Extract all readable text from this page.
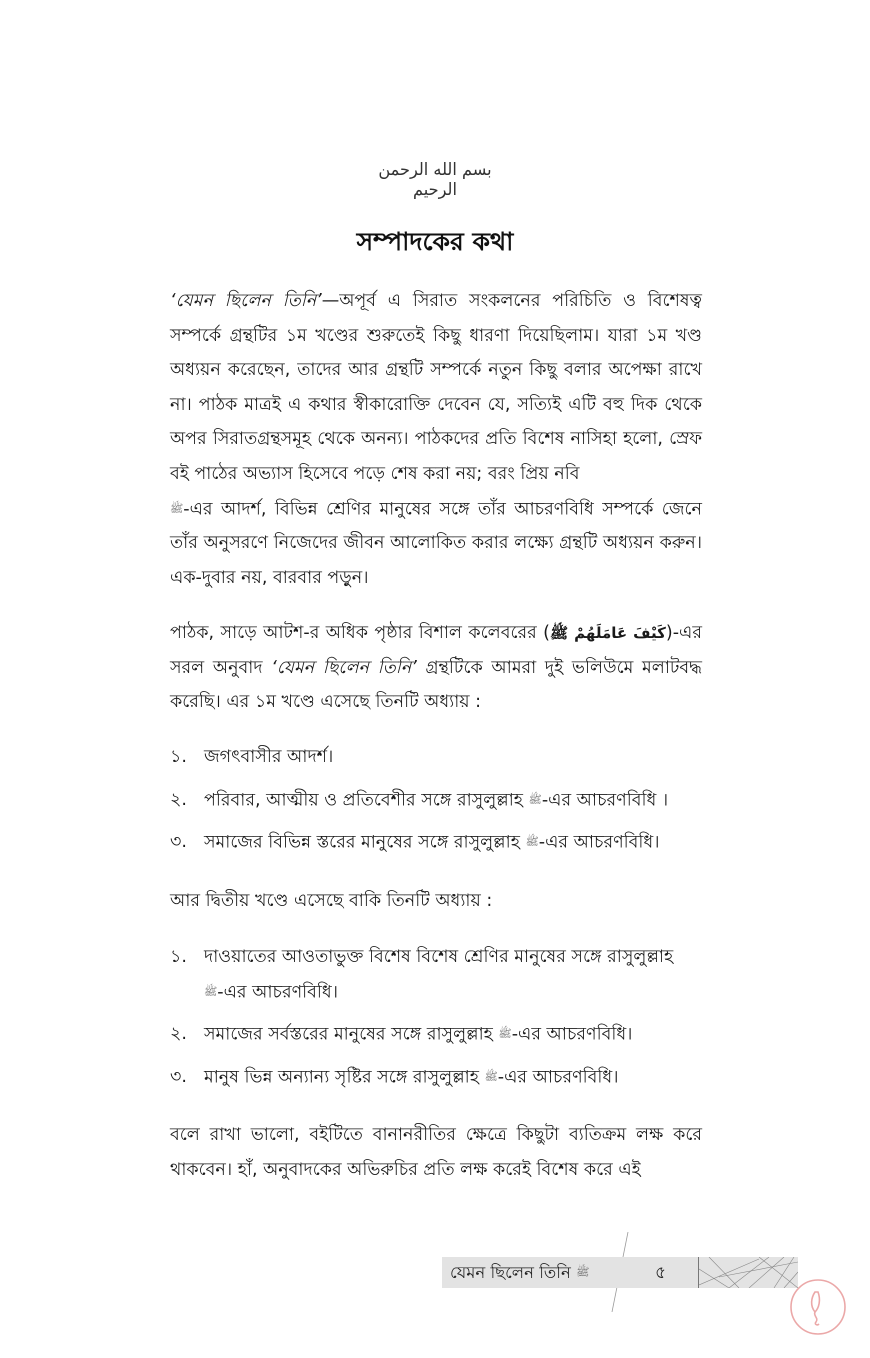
بسم الله الرحمن الرحيم
সম্পাদকের কথা

‘যেমন ছিলেন তিনি’—অপূর্ব এ সিরাত সংকলনের পরিচিতি ও বিশেষত্ব সম্পর্কে গ্রন্থটির ১ম খণ্ডের শুরুতেই কিছু ধারণা দিয়েছিলাম। যারা ১ম খণ্ড অধ্যয়ন করেছেন, তাদের আর গ্রন্থটি সম্পর্কে নতুন কিছু বলার অপেক্ষা রাখে না। পাঠক মাত্রই এ কথার স্বীকারোক্তি দেবেন যে, সত্যিই এটি বহু দিক থেকে অপর সিরাতগ্রন্থসমূহ থেকে অনন্য। পাঠকদের প্রতি বিশেষ নাসিহা হলো, স্রেফ বই পাঠের অভ্যাস হিসেবে পড়ে শেষ করা নয়; বরং প্রিয় নবি
ﷺ-এর আদর্শ, বিভিন্ন শ্রেণির মানুষের সঙ্গে তাঁর আচরণবিধি সম্পর্কে জেনে তাঁর অনুসরণে নিজেদের জীবন আলোকিত করার লক্ষ্যে গ্রন্থটি অধ্যয়ন করুন। এক-দুবার নয়, বারবার পড়ুন।

পাঠক, সাড়ে আটশ-র অধিক পৃষ্ঠার বিশাল কলেবরের (كَيْفَ عَامَلَهُمْ ﷺ)-এর সরল অনুবাদ ‘যেমন ছিলেন তিনি’ গ্রন্থটিকে আমরা দুই ভলিউমে মলাটবদ্ধ করেছি। এর ১ম খণ্ডে এসেছে তিনটি অধ্যায় :

১. জগৎবাসীর আদর্শ।
২. পরিবার, আত্মীয় ও প্রতিবেশীর সঙ্গে রাসুলুল্লাহ ﷺ-এর আচরণবিধি ।
৩. সমাজের বিভিন্ন স্তরের মানুষের সঙ্গে রাসুলুল্লাহ ﷺ-এর আচরণবিধি।

আর দ্বিতীয় খণ্ডে এসেছে বাকি তিনটি অধ্যায় :

১. দাওয়াতের আওতাভুক্ত বিশেষ বিশেষ শ্রেণির মানুষের সঙ্গে রাসুলুল্লাহ ﷺ-এর আচরণবিধি।
২. সমাজের সর্বস্তরের মানুষের সঙ্গে রাসুলুল্লাহ ﷺ-এর আচরণবিধি।
৩. মানুষ ভিন্ন অন্যান্য সৃষ্টির সঙ্গে রাসুলুল্লাহ ﷺ-এর আচরণবিধি।

বলে রাখা ভালো, বইটিতে বানানরীতির ক্ষেত্রে কিছুটা ব্যতিক্রম লক্ষ করে থাকবেন। হাঁ, অনুবাদকের অভিরুচির প্রতি লক্ষ করেই বিশেষ করে এই

যেমন ছিলেন তিনি ﷺ	৫
